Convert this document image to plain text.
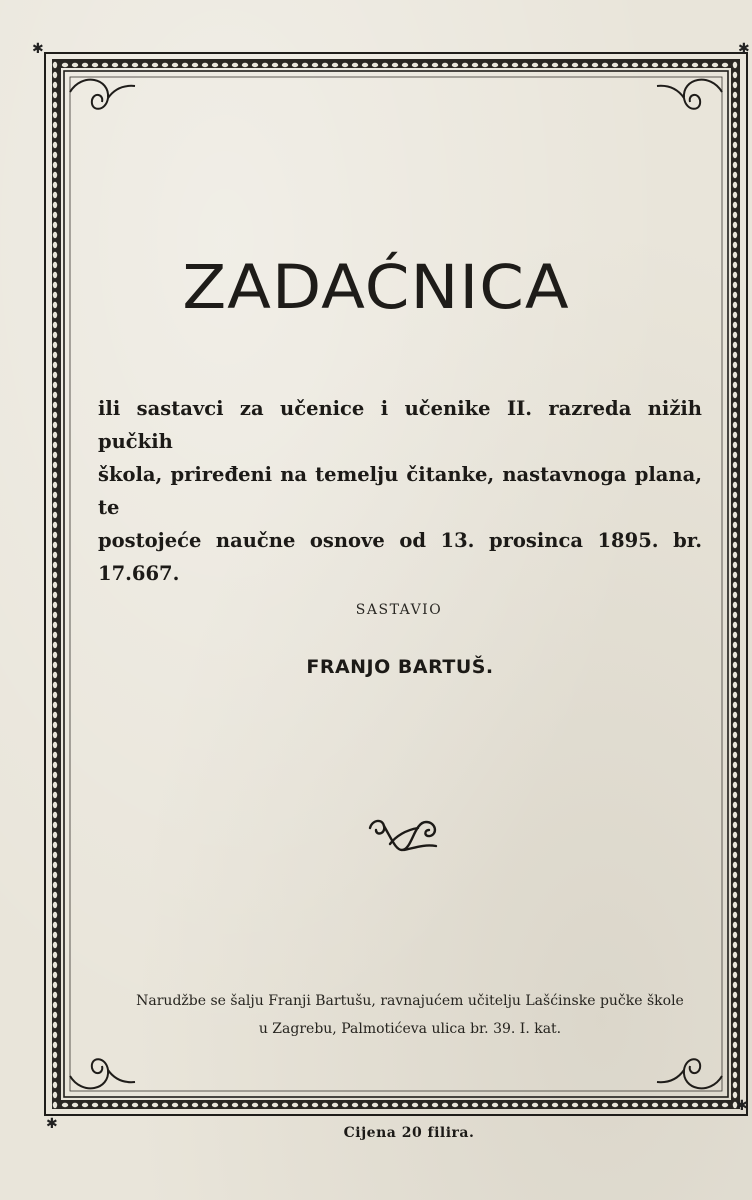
✱	✱
✱
✱
ZADAĆNICA
ili sastavci za učenice i učenike II. razreda nižih pučkih
škola, priređeni na temelju čitanke, nastavnoga plana, te
postojeće naučne osnove od 13. prosinca 1895. br. 17.667.
SASTAVIO
FRANJO BARTUŠ.
Narudžbe se šalju Franji Bartušu, ravnajućem učitelju Lašćinske pučke škole
u Zagrebu, Palmotićeva ulica br. 39. I. kat.
Cijena 20 filira.
